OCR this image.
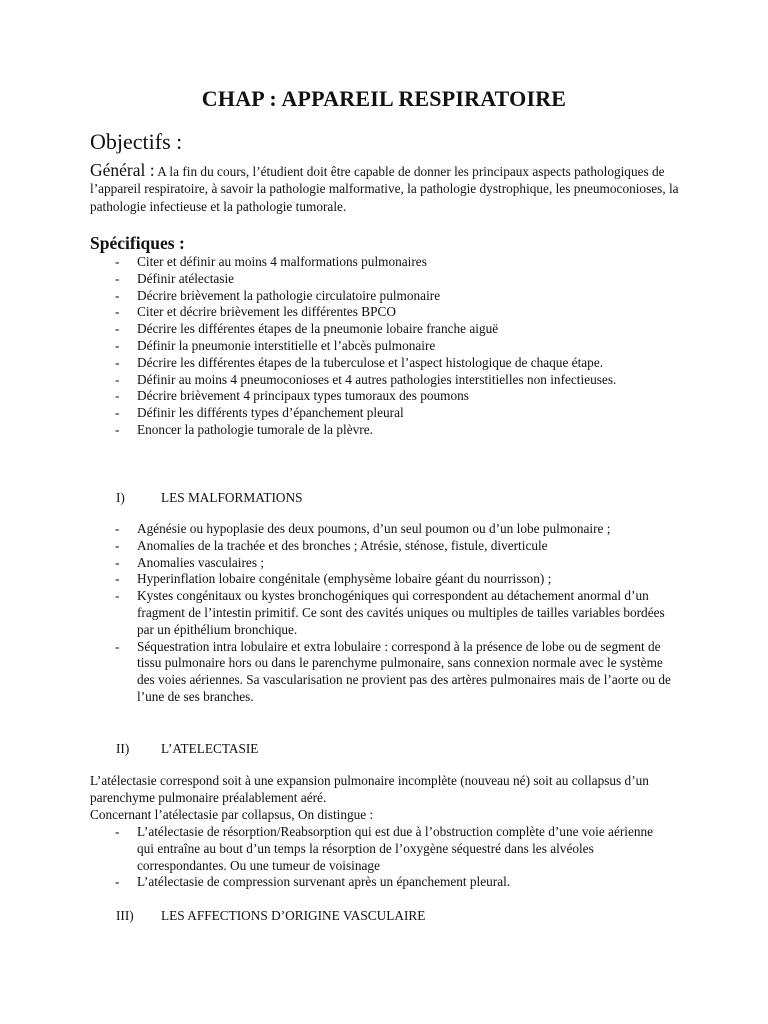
CHAP : APPAREIL RESPIRATOIRE
Objectifs :
Général : A la fin du cours, l’étudient doit être capable de donner les principaux aspects pathologiques de l’appareil respiratoire, à savoir la pathologie malformative, la pathologie dystrophique, les pneumoconioses, la pathologie infectieuse et la pathologie tumorale.
Spécifiques :
- Citer et définir au moins 4 malformations pulmonaires
- Définir atélectasie
- Décrire brièvement la pathologie circulatoire pulmonaire
- Citer et décrire brièvement les différentes BPCO
- Décrire les différentes étapes de la pneumonie lobaire franche aiguë
- Définir la pneumonie interstitielle et l’abcès pulmonaire
- Décrire les différentes étapes de la tuberculose et l’aspect histologique de chaque étape.
- Définir au moins 4 pneumoconioses et 4 autres pathologies interstitielles non infectieuses.
- Décrire brièvement 4 principaux types tumoraux des poumons
- Définir les différents types d’épanchement pleural
- Enoncer la pathologie tumorale de la plèvre.
I)	LES MALFORMATIONS
- Agénésie ou hypoplasie des deux poumons, d’un seul poumon ou d’un lobe pulmonaire ;
- Anomalies de la trachée et des bronches ; Atrésie, sténose, fistule, diverticule
- Anomalies vasculaires ;
- Hyperinflation lobaire congénitale (emphysème lobaire géant du nourrisson) ;
- Kystes congénitaux ou kystes bronchogéniques qui correspondent au détachement anormal d’un fragment de l’intestin primitif. Ce sont des cavités uniques ou multiples de tailles variables bordées par un épithélium bronchique.
- Séquestration intra lobulaire et extra lobulaire : correspond à la présence de lobe ou de segment de tissu pulmonaire hors ou dans le parenchyme pulmonaire, sans connexion normale avec le système des voies aériennes. Sa vascularisation ne provient pas des artères pulmonaires mais de l’aorte ou de l’une de ses branches.
II) L’ATELECTASIE
L’atélectasie correspond soit à une expansion pulmonaire incomplète (nouveau né) soit au collapsus d’un parenchyme pulmonaire préalablement aéré.
Concernant l’atélectasie par collapsus, On distingue :
- L’atélectasie de résorption/Reabsorption qui est due à l’obstruction complète d’une voie aérienne qui entraîne au bout d’un temps la résorption de l’oxygène séquestré dans les alvéoles correspondantes. Ou une tumeur de voisinage
- L’atélectasie de compression survenant après un épanchement pleural.
III) LES AFFECTIONS D’ORIGINE VASCULAIRE
